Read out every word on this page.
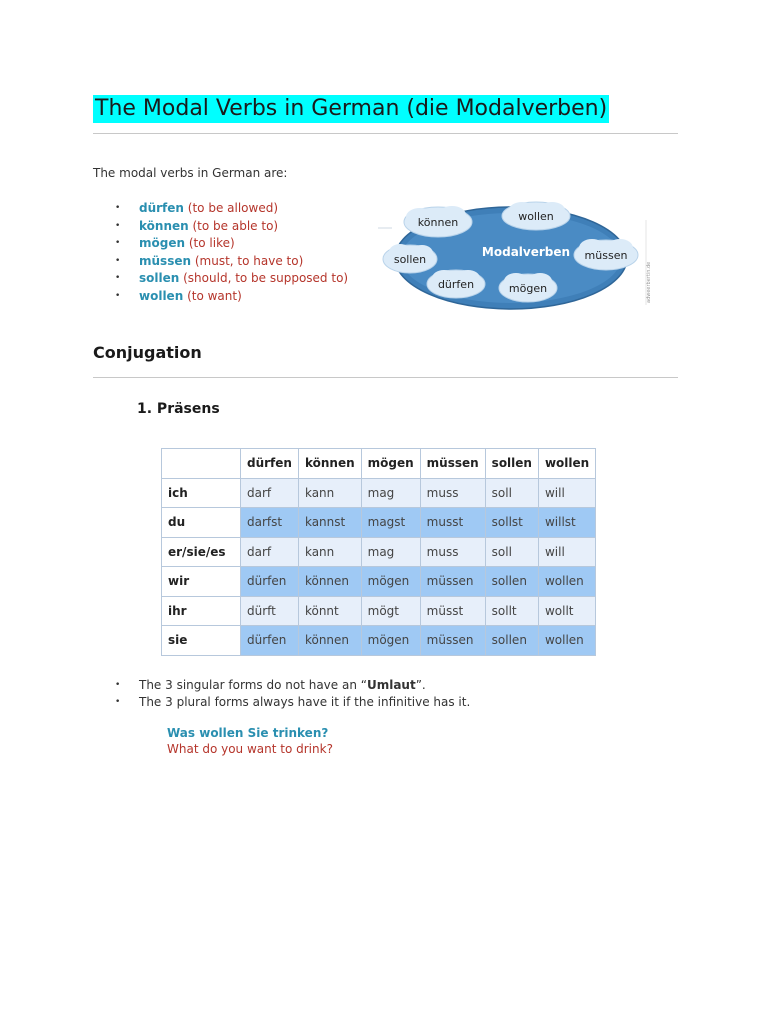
The Modal Verbs in German (die Modalverben)
The modal verbs in German are:
• dürfen (to be allowed)
• können (to be able to)
• mögen (to like)
• müssen (must, to have to)
• sollen (should, to be supposed to)
• wollen (to want)
können	wollen
sollen	müssen
dürfen	mögen
Modalverben
adweerbertin.de
Conjugation
1. Präsens
	dürfen	können	mögen	müssen	sollen	wollen
ich	darf	kann	mag	muss	soll	will
du	darfst	kannst	magst	musst	sollst	willst
er/sie/es	darf	kann	mag	muss	soll	will
wir	dürfen	können	mögen	müssen	sollen	wollen
ihr	dürft	könnt	mögt	müsst	sollt	wollt
sie	dürfen	können	mögen	müssen	sollen	wollen
• The 3 singular forms do not have an “Umlaut”.
• The 3 plural forms always have it if the infinitive has it.
Was wollen Sie trinken?
What do you want to drink?
